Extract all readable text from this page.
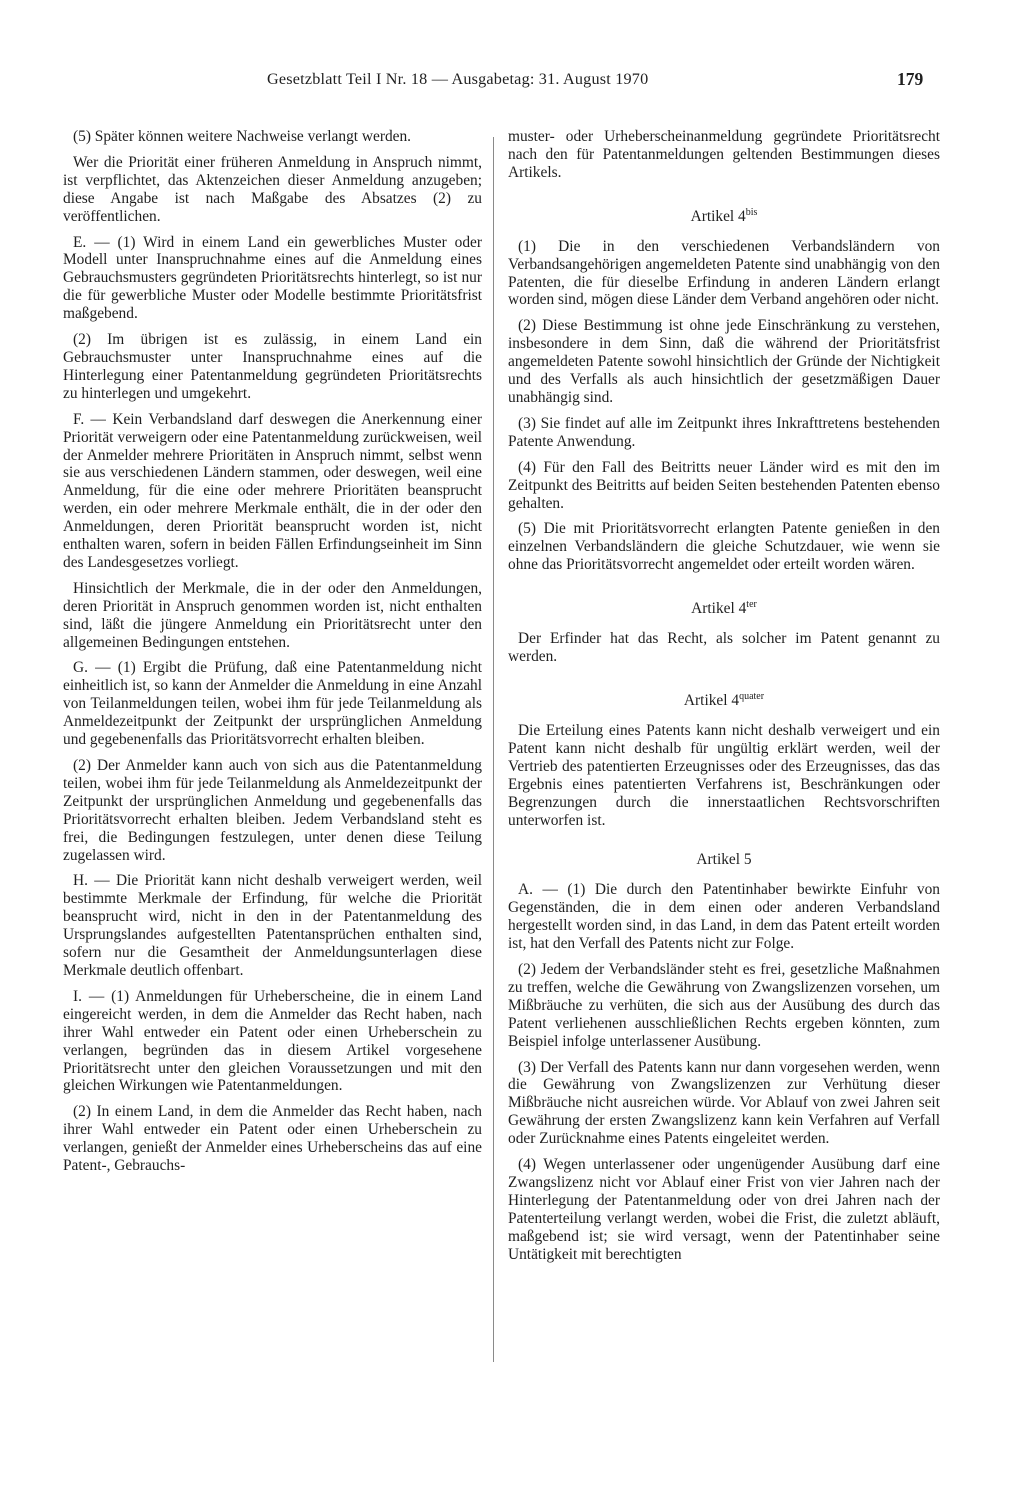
Gesetzblatt Teil I Nr. 18 — Ausgabetag: 31. August 1970	179

(5) Später können weitere Nachweise verlangt werden.

Wer die Priorität einer früheren Anmeldung in Anspruch nimmt, ist verpflichtet, das Aktenzeichen dieser Anmeldung anzugeben; diese Angabe ist nach Maßgabe des Absatzes (2) zu veröffentlichen.

E. — (1) Wird in einem Land ein gewerbliches Muster oder Modell unter Inanspruchnahme eines auf die Anmeldung eines Gebrauchsmusters gegründeten Prioritätsrechts hinterlegt, so ist nur die für gewerbliche Muster oder Modelle bestimmte Prioritätsfrist maßgebend.

(2) Im übrigen ist es zulässig, in einem Land ein Gebrauchsmuster unter Inanspruchnahme eines auf die Hinterlegung einer Patentanmeldung gegründeten Prioritätsrechts zu hinterlegen und umgekehrt.

F. — Kein Verbandsland darf deswegen die Anerkennung einer Priorität verweigern oder eine Patentanmeldung zurückweisen, weil der Anmelder mehrere Prioritäten in Anspruch nimmt, selbst wenn sie aus verschiedenen Ländern stammen, oder deswegen, weil eine Anmeldung, für die eine oder mehrere Prioritäten beansprucht werden, ein oder mehrere Merkmale enthält, die in der oder den Anmeldungen, deren Priorität beansprucht worden ist, nicht enthalten waren, sofern in beiden Fällen Erfindungseinheit im Sinn des Landesgesetzes vorliegt.

Hinsichtlich der Merkmale, die in der oder den Anmeldungen, deren Priorität in Anspruch genommen worden ist, nicht enthalten sind, läßt die jüngere Anmeldung ein Prioritätsrecht unter den allgemeinen Bedingungen entstehen.

G. — (1) Ergibt die Prüfung, daß eine Patentanmeldung nicht einheitlich ist, so kann der Anmelder die Anmeldung in eine Anzahl von Teilanmeldungen teilen, wobei ihm für jede Teilanmeldung als Anmeldezeitpunkt der Zeitpunkt der ursprünglichen Anmeldung und gegebenenfalls das Prioritätsvorrecht erhalten bleiben.

(2) Der Anmelder kann auch von sich aus die Patentanmeldung teilen, wobei ihm für jede Teilanmeldung als Anmeldezeitpunkt der Zeitpunkt der ursprünglichen Anmeldung und gegebenenfalls das Prioritätsvorrecht erhalten bleiben. Jedem Verbandsland steht es frei, die Bedingungen festzulegen, unter denen diese Teilung zugelassen wird.

H. — Die Priorität kann nicht deshalb verweigert werden, weil bestimmte Merkmale der Erfindung, für welche die Priorität beansprucht wird, nicht in den in der Patentanmeldung des Ursprungslandes aufgestellten Patentansprüchen enthalten sind, sofern nur die Gesamtheit der Anmeldungsunterlagen diese Merkmale deutlich offenbart.

I. — (1) Anmeldungen für Urheberscheine, die in einem Land eingereicht werden, in dem die Anmelder das Recht haben, nach ihrer Wahl entweder ein Patent oder einen Urheberschein zu verlangen, begründen das in diesem Artikel vorgesehene Prioritätsrecht unter den gleichen Voraussetzungen und mit den gleichen Wirkungen wie Patentanmeldungen.

(2) In einem Land, in dem die Anmelder das Recht haben, nach ihrer Wahl entweder ein Patent oder einen Urheberschein zu verlangen, genießt der Anmelder eines Urheberscheins das auf eine Patent-, Gebrauchs-

muster- oder Urheberscheinanmeldung gegründete Prioritätsrecht nach den für Patentanmeldungen geltenden Bestimmungen dieses Artikels.

Artikel $4^{bis}$

(1) Die in den verschiedenen Verbandsländern von Verbandsangehörigen angemeldeten Patente sind unabhängig von den Patenten, die für dieselbe Erfindung in anderen Ländern erlangt worden sind, mögen diese Länder dem Verband angehören oder nicht.

(2) Diese Bestimmung ist ohne jede Einschränkung zu verstehen, insbesondere in dem Sinn, daß die während der Prioritätsfrist angemeldeten Patente sowohl hinsichtlich der Gründe der Nichtigkeit und des Verfalls als auch hinsichtlich der gesetzmäßigen Dauer unabhängig sind.

(3) Sie findet auf alle im Zeitpunkt ihres Inkrafttretens bestehenden Patente Anwendung.

(4) Für den Fall des Beitritts neuer Länder wird es mit den im Zeitpunkt des Beitritts auf beiden Seiten bestehenden Patenten ebenso gehalten.

(5) Die mit Prioritätsvorrecht erlangten Patente genießen in den einzelnen Verbandsländern die gleiche Schutzdauer, wie wenn sie ohne das Prioritätsvorrecht angemeldet oder erteilt worden wären.

Artikel $4^{ter}$

Der Erfinder hat das Recht, als solcher im Patent genannt zu werden.

Artikel $4^{quater}$

Die Erteilung eines Patents kann nicht deshalb verweigert und ein Patent kann nicht deshalb für ungültig erklärt werden, weil der Vertrieb des patentierten Erzeugnisses oder des Erzeugnisses, das das Ergebnis eines patentierten Verfahrens ist, Beschränkungen oder Begrenzungen durch die innerstaatlichen Rechtsvorschriften unterworfen ist.

Artikel 5

A. — (1) Die durch den Patentinhaber bewirkte Einfuhr von Gegenständen, die in dem einen oder anderen Verbandsland hergestellt worden sind, in das Land, in dem das Patent erteilt worden ist, hat den Verfall des Patents nicht zur Folge.

(2) Jedem der Verbandsländer steht es frei, gesetzliche Maßnahmen zu treffen, welche die Gewährung von Zwangslizenzen vorsehen, um Mißbräuche zu verhüten, die sich aus der Ausübung des durch das Patent verliehenen ausschließlichen Rechts ergeben könnten, zum Beispiel infolge unterlassener Ausübung.

(3) Der Verfall des Patents kann nur dann vorgesehen werden, wenn die Gewährung von Zwangslizenzen zur Verhütung dieser Mißbräuche nicht ausreichen würde. Vor Ablauf von zwei Jahren seit Gewährung der ersten Zwangslizenz kann kein Verfahren auf Verfall oder Zurücknahme eines Patents eingeleitet werden.

(4) Wegen unterlassener oder ungenügender Ausübung darf eine Zwangslizenz nicht vor Ablauf einer Frist von vier Jahren nach der Hinterlegung der Patentanmeldung oder von drei Jahren nach der Patenterteilung verlangt werden, wobei die Frist, die zuletzt abläuft, maßgebend ist; sie wird versagt, wenn der Patentinhaber seine Untätigkeit mit berechtigten
